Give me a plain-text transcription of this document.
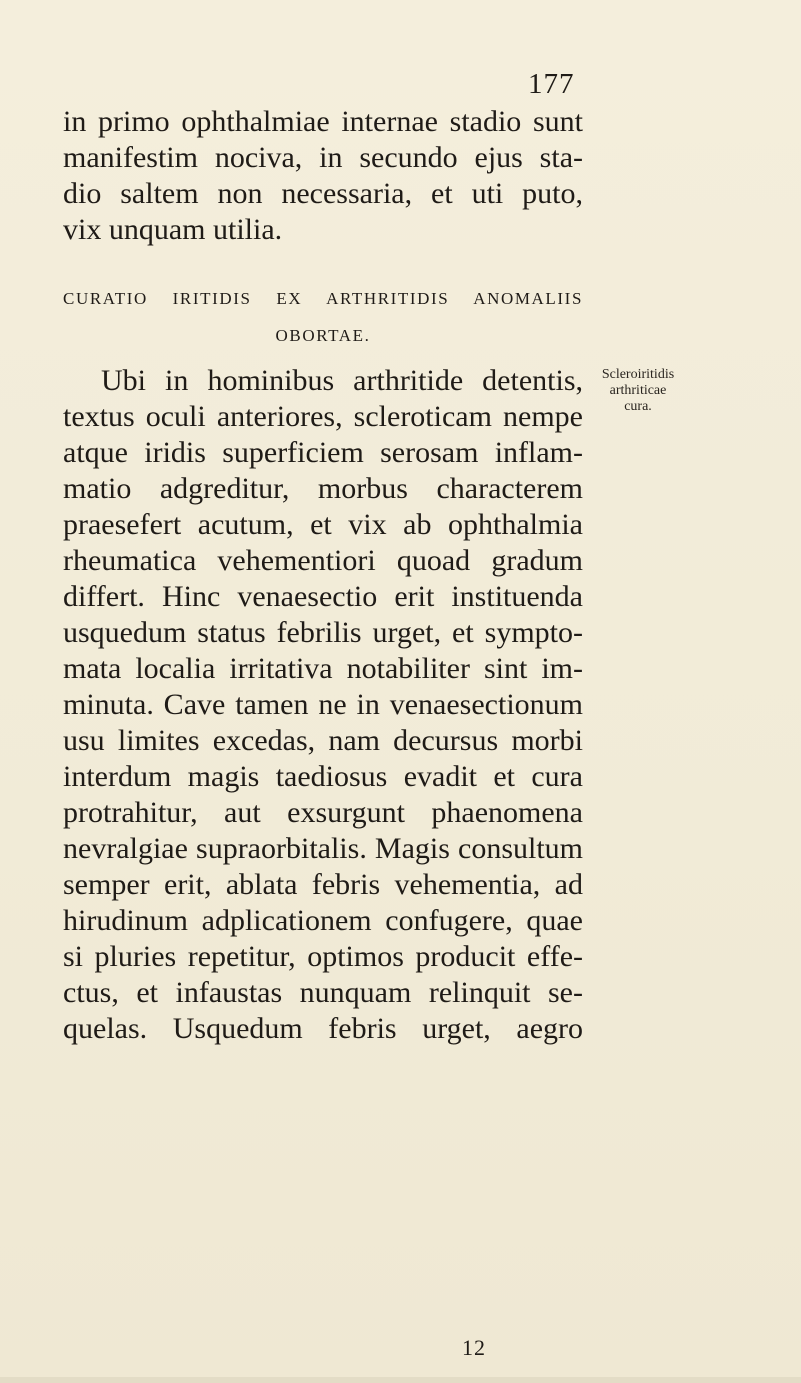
177
in primo ophthalmiae internae stadio sunt
manifestim nociva, in secundo ejus sta-
dio saltem non necessaria, et uti puto,
vix unquam utilia.
CURATIO IRITIDIS EX ARTHRITIDIS ANOMALIIS
OBORTAE.
Scleroiritidis
arthriticae
cura.
Ubi in hominibus arthritide detentis,
textus oculi anteriores, scleroticam nempe
atque iridis superficiem serosam inflam-
matio adgreditur, morbus characterem
praesefert acutum, et vix ab ophthalmia
rheumatica vehementiori quoad gradum
differt. Hinc venaesectio erit instituenda
usquedum status febrilis urget, et sympto-
mata localia irritativa notabiliter sint im-
minuta. Cave tamen ne in venaesectionum
usu limites excedas, nam decursus morbi
interdum magis taediosus evadit et cura
protrahitur, aut exsurgunt phaenomena
nevralgiae supraorbitalis. Magis consultum
semper erit, ablata febris vehementia, ad
hirudinum adplicationem confugere, quae
si pluries repetitur, optimos producit effe-
ctus, et infaustas nunquam relinquit se-
quelas. Usquedum febris urget, aegro
12
